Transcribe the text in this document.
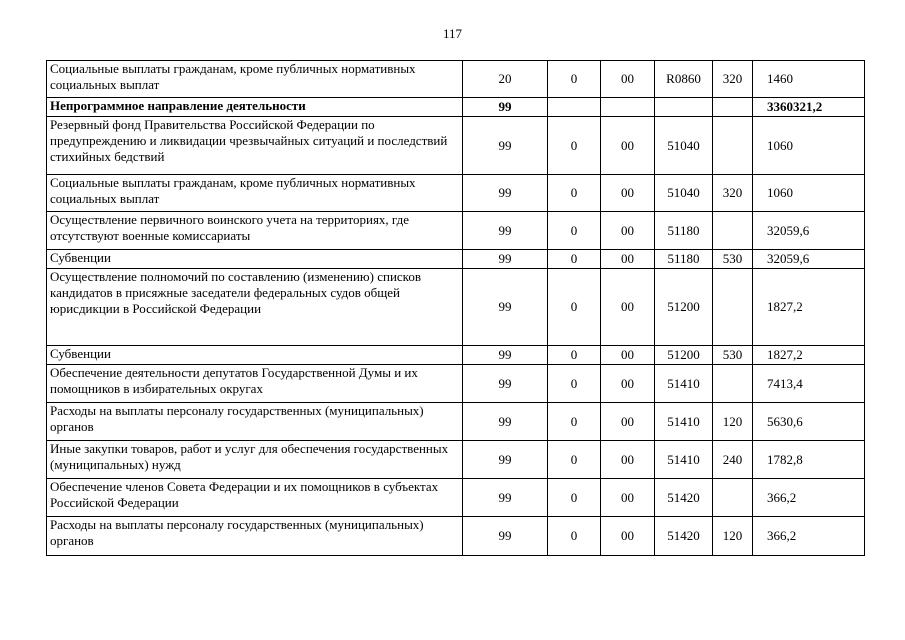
117
Социальные выплаты гражданам, кроме публичных нормативных социальных выплат	20	0	00	R0860	320	1460
Непрограммное направление деятельности	99					3360321,2
Резервный фонд Правительства Российской Федерации по предупреждению и ликвидации чрезвычайных ситуаций и последствий стихийных бедствий	99	0	00	51040		1060
Социальные выплаты гражданам, кроме публичных нормативных социальных выплат	99	0	00	51040	320	1060
Осуществление первичного воинского учета на территориях, где отсутствуют военные комиссариаты	99	0	00	51180		32059,6
Субвенции	99	0	00	51180	530	32059,6
Осуществление полномочий по составлению (изменению) списков кандидатов в присяжные заседатели федеральных судов общей юрисдикции в Российской Федерации	99	0	00	51200		1827,2
Субвенции	99	0	00	51200	530	1827,2
Обеспечение деятельности депутатов Государственной Думы и их помощников в избирательных округах	99	0	00	51410		7413,4
Расходы на выплаты персоналу государственных (муниципальных) органов	99	0	00	51410	120	5630,6
Иные закупки товаров, работ и услуг для обеспечения государственных (муниципальных) нужд	99	0	00	51410	240	1782,8
Обеспечение членов Совета Федерации и их помощников в субъектах Российской Федерации	99	0	00	51420		366,2
Расходы на выплаты персоналу государственных (муниципальных) органов	99	0	00	51420	120	366,2
